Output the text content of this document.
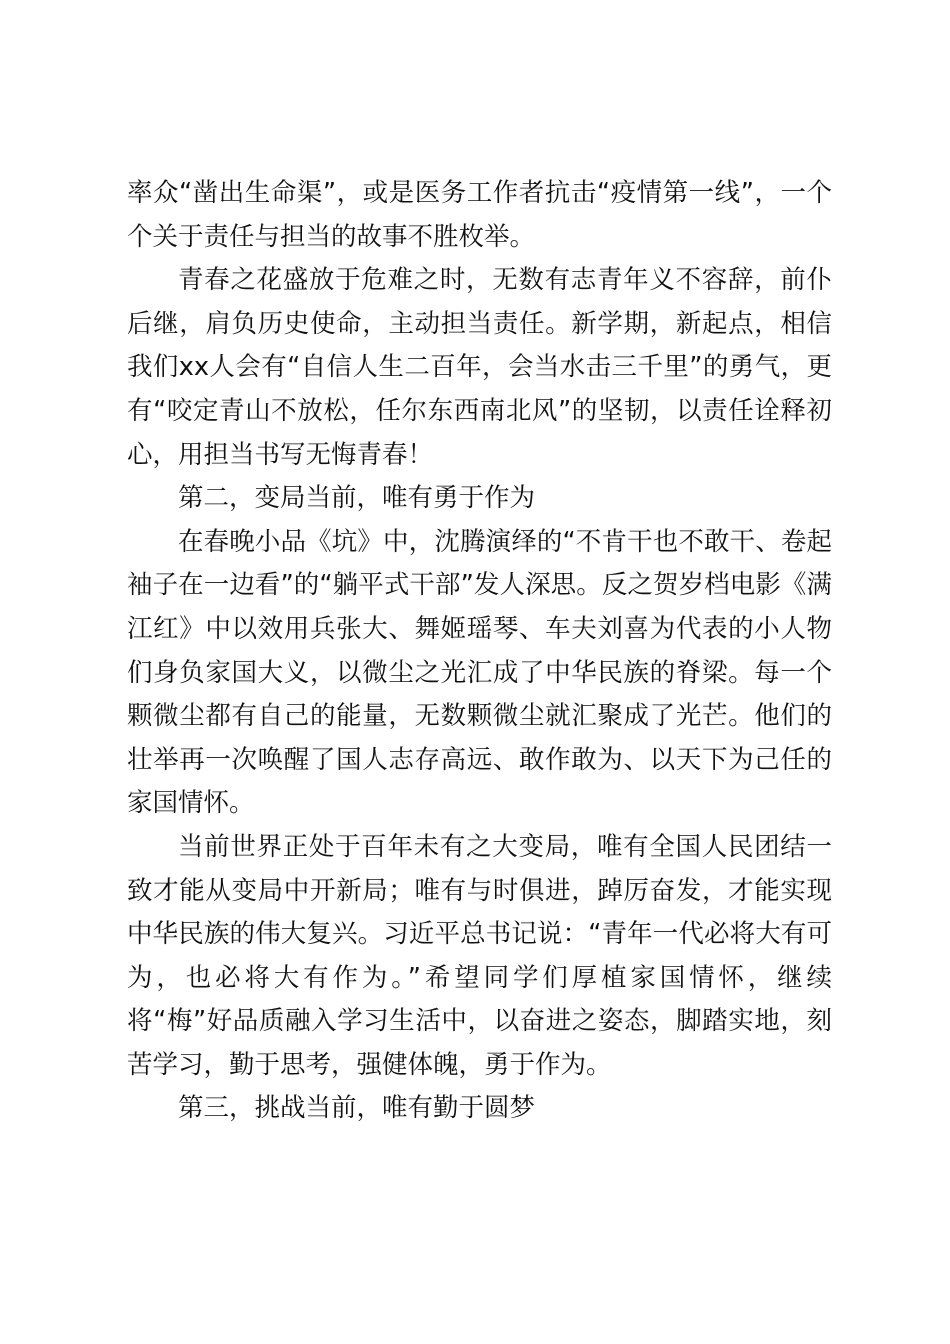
率众“凿出生命渠”，或是医务工作者抗击“疫情第一线”，一个个关于责任与担当的故事不胜枚举。

青春之花盛放于危难之时，无数有志青年义不容辞，前仆后继，肩负历史使命，主动担当责任。新学期，新起点，相信我们xx人会有“自信人生二百年，会当水击三千里”的勇气，更有“咬定青山不放松，任尔东西南北风”的坚韧，以责任诠释初心，用担当书写无悔青春！

第二，变局当前，唯有勇于作为

在春晚小品《坑》中，沈腾演绎的“不肯干也不敢干、卷起袖子在一边看”的“躺平式干部”发人深思。反之贺岁档电影《满江红》中以效用兵张大、舞姬瑶琴、车夫刘喜为代表的小人物们身负家国大义，以微尘之光汇成了中华民族的脊梁。每一个颗微尘都有自己的能量，无数颗微尘就汇聚成了光芒。他们的壮举再一次唤醒了国人志存高远、敢作敢为、以天下为己任的家国情怀。

当前世界正处于百年未有之大变局，唯有全国人民团结一致才能从变局中开新局；唯有与时俱进，踔厉奋发，才能实现中华民族的伟大复兴。习近平总书记说：“青年一代必将大有可为，也必将大有作为。”希望同学们厚植家国情怀，继续将“梅”好品质融入学习生活中，以奋进之姿态，脚踏实地，刻苦学习，勤于思考，强健体魄，勇于作为。

第三，挑战当前，唯有勤于圆梦
